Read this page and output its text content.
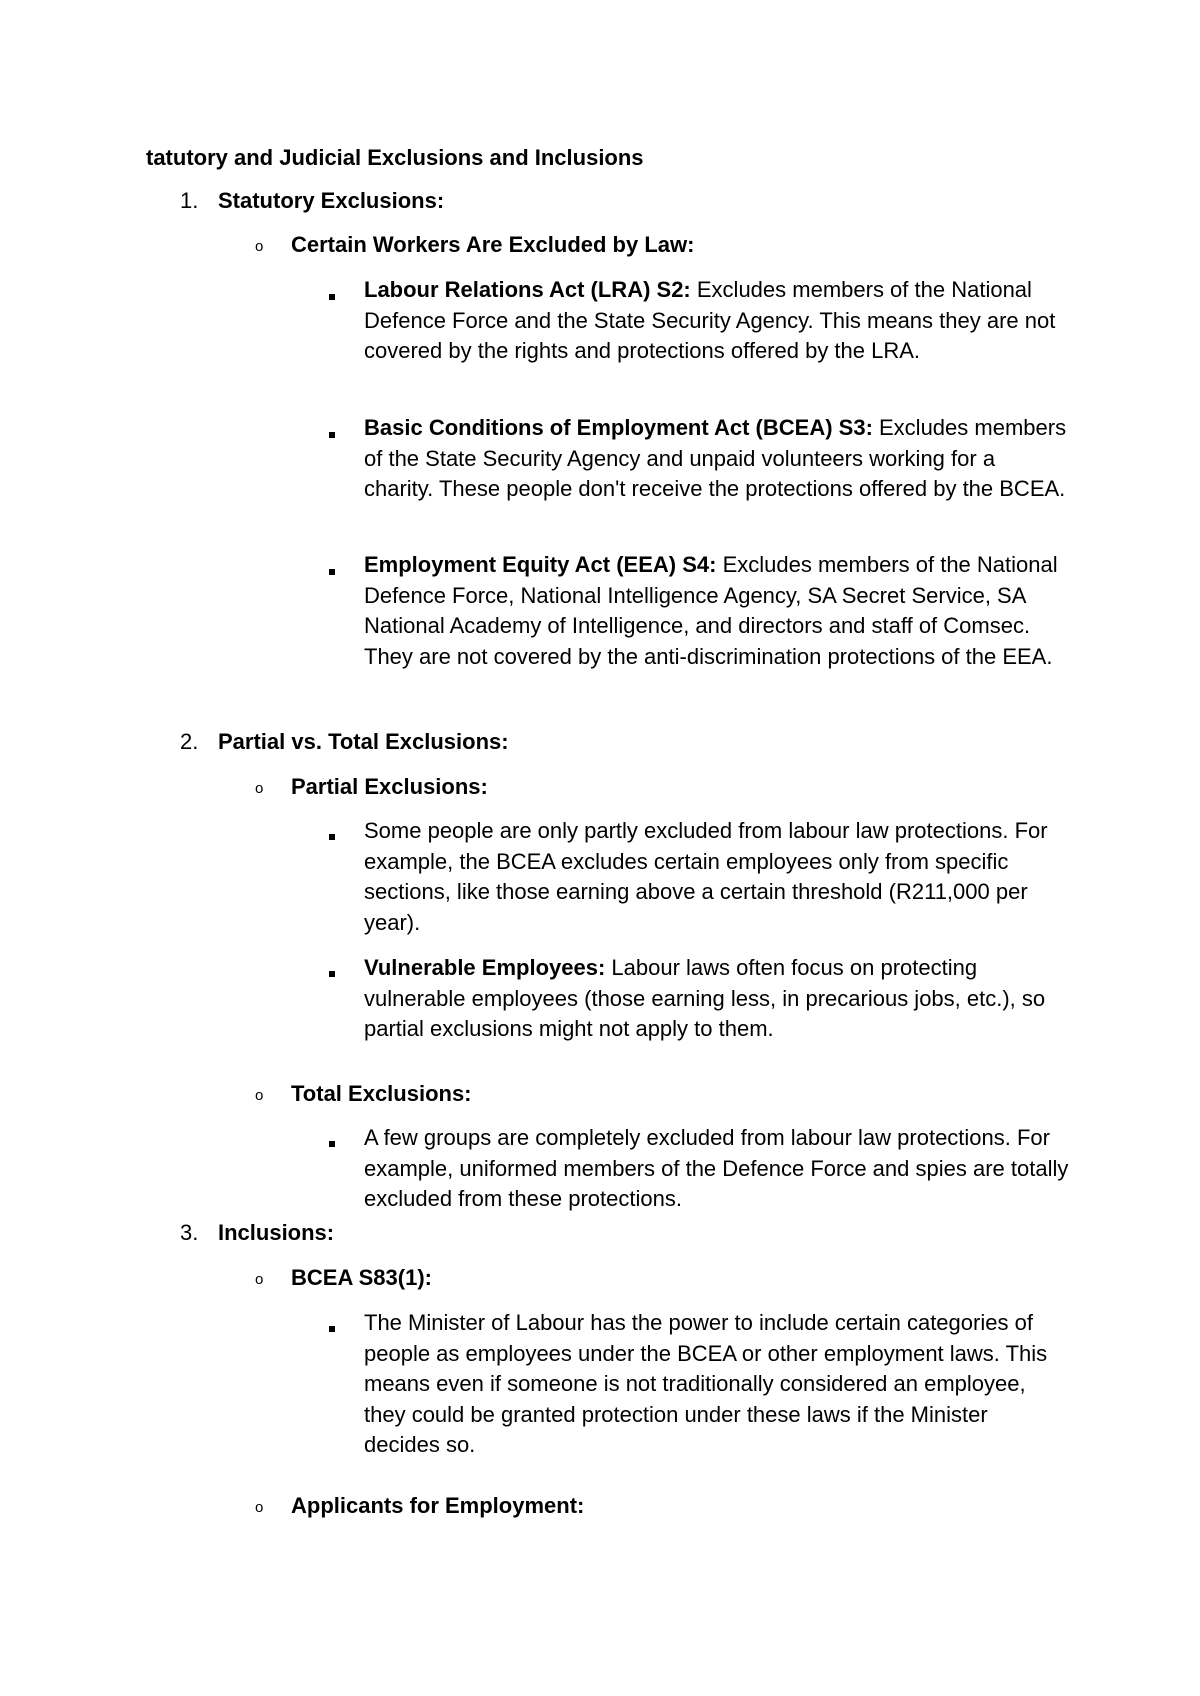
tatutory and Judicial Exclusions and Inclusions
1. Statutory Exclusions:
o Certain Workers Are Excluded by Law:
Labour Relations Act (LRA) S2: Excludes members of the National Defence Force and the State Security Agency. This means they are not covered by the rights and protections offered by the LRA.
Basic Conditions of Employment Act (BCEA) S3: Excludes members of the State Security Agency and unpaid volunteers working for a charity. These people don't receive the protections offered by the BCEA.
Employment Equity Act (EEA) S4: Excludes members of the National Defence Force, National Intelligence Agency, SA Secret Service, SA National Academy of Intelligence, and directors and staff of Comsec. They are not covered by the anti-discrimination protections of the EEA.
2. Partial vs. Total Exclusions:
o Partial Exclusions:
Some people are only partly excluded from labour law protections. For example, the BCEA excludes certain employees only from specific sections, like those earning above a certain threshold (R211,000 per year).
Vulnerable Employees: Labour laws often focus on protecting vulnerable employees (those earning less, in precarious jobs, etc.), so partial exclusions might not apply to them.
o Total Exclusions:
A few groups are completely excluded from labour law protections. For example, uniformed members of the Defence Force and spies are totally excluded from these protections.
3. Inclusions:
o BCEA S83(1):
The Minister of Labour has the power to include certain categories of people as employees under the BCEA or other employment laws. This means even if someone is not traditionally considered an employee, they could be granted protection under these laws if the Minister decides so.
o Applicants for Employment:
